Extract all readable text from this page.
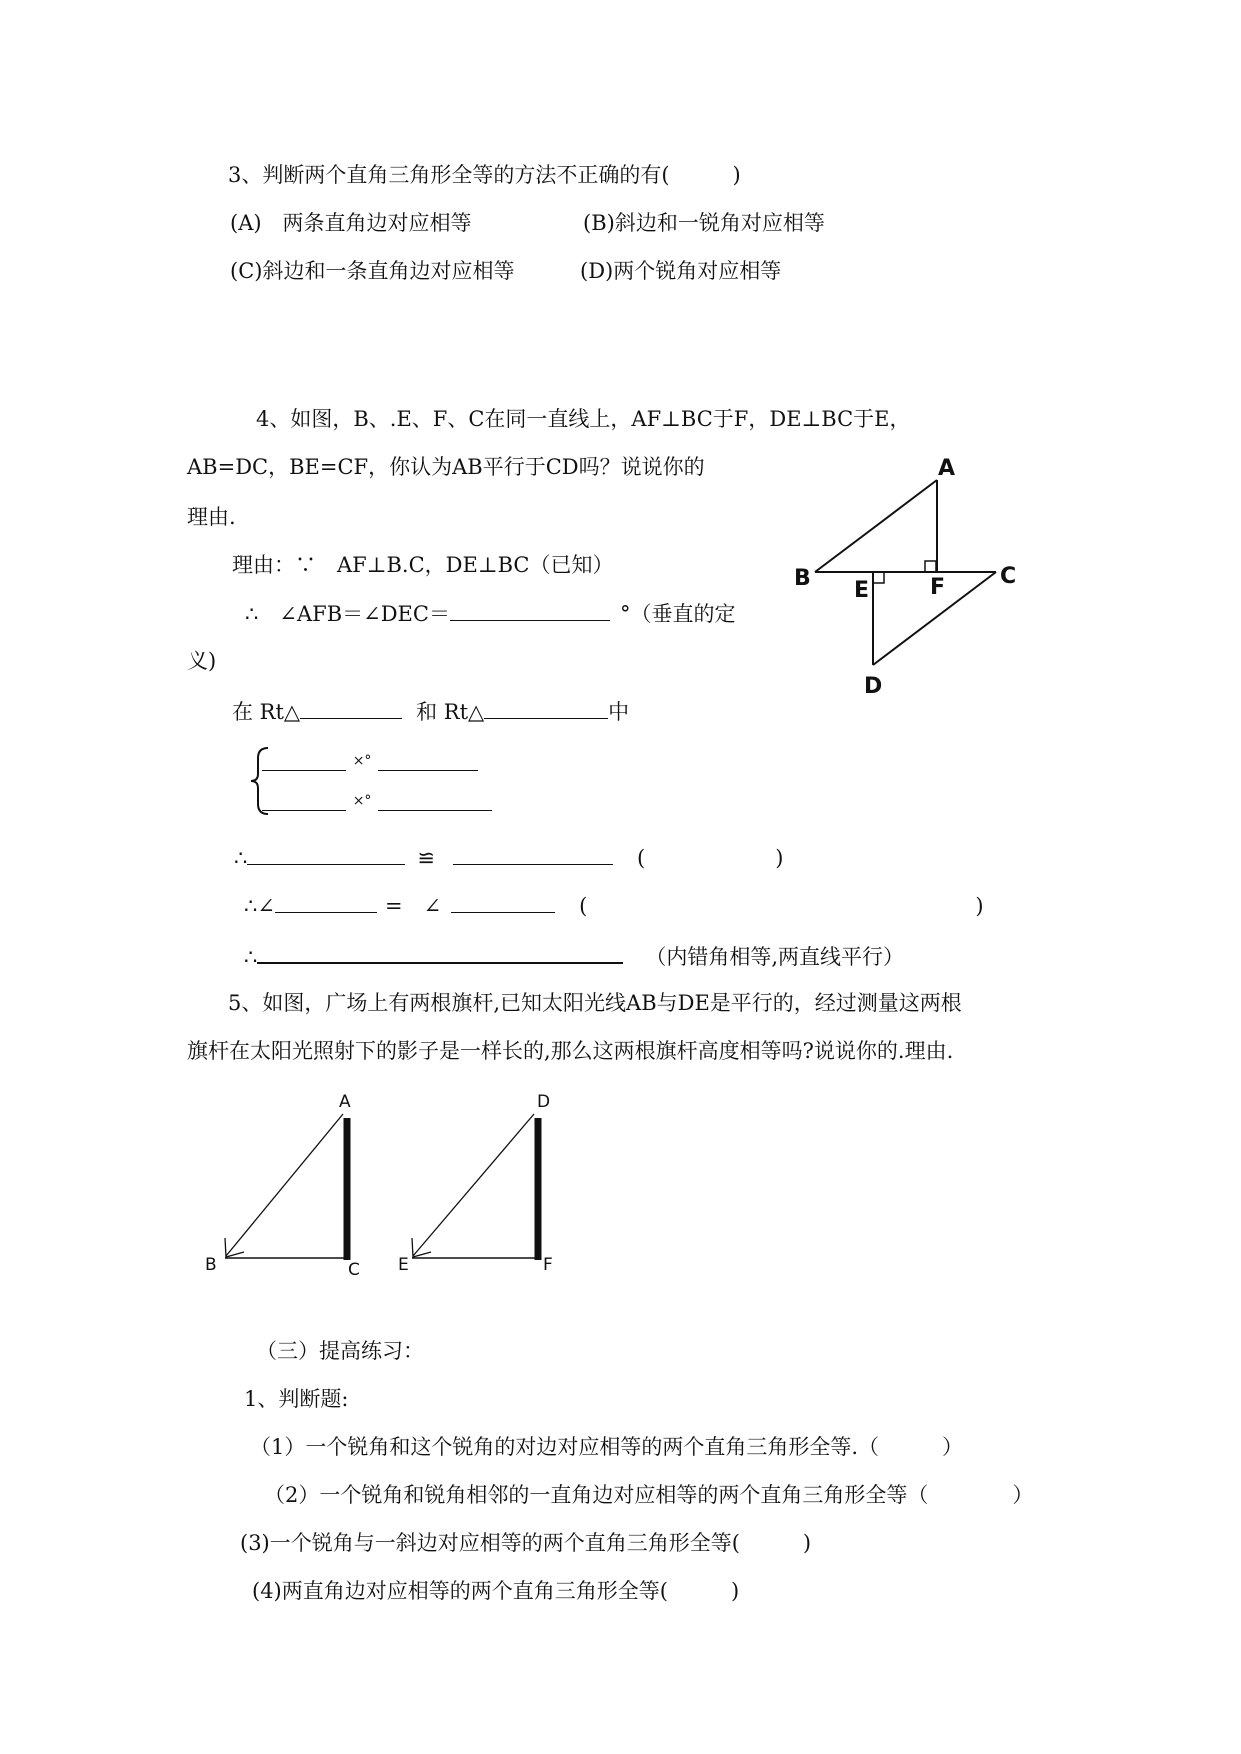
3、判断两个直角三角形全等的方法不正确的有(　　　)
(A)　两条直角边对应相等	(B)斜边和一锐角对应相等
(C)斜边和一条直角边对应相等	(D)两个锐角对应相等
4、如图，B、.E、F、C在同一直线上，AF⊥BC于F，DE⊥BC于E，
AB=DC，BE=CF，你认为AB平行于CD吗？说说你的
理由.
理由：∵　AF⊥B.C，DE⊥BC（已知）
∴　∠AFB＝∠DEC＝	°（垂直的定
义)
在 Rt△	和 Rt△	中
×°
×°
∴	≌	(	)
∴∠	=　∠	(	)
∴	（内错角相等,两直线平行）
A
B	C
D
E	F
5、如图，广场上有两根旗杆,已知太阳光线AB与DE是平行的，经过测量这两根
旗杆在太阳光照射下的影子是一样长的,那么这两根旗杆高度相等吗?说说你的.理由.
A
B	C
D
E	F
（三）提高练习：
1、判断题:
（1）一个锐角和这个锐角的对边对应相等的两个直角三角形全等.（　　　）
（2）一个锐角和锐角相邻的一直角边对应相等的两个直角三角形全等（　　　　）
(3)一个锐角与一斜边对应相等的两个直角三角形全等(　　　)
(4)两直角边对应相等的两个直角三角形全等(　　　)
